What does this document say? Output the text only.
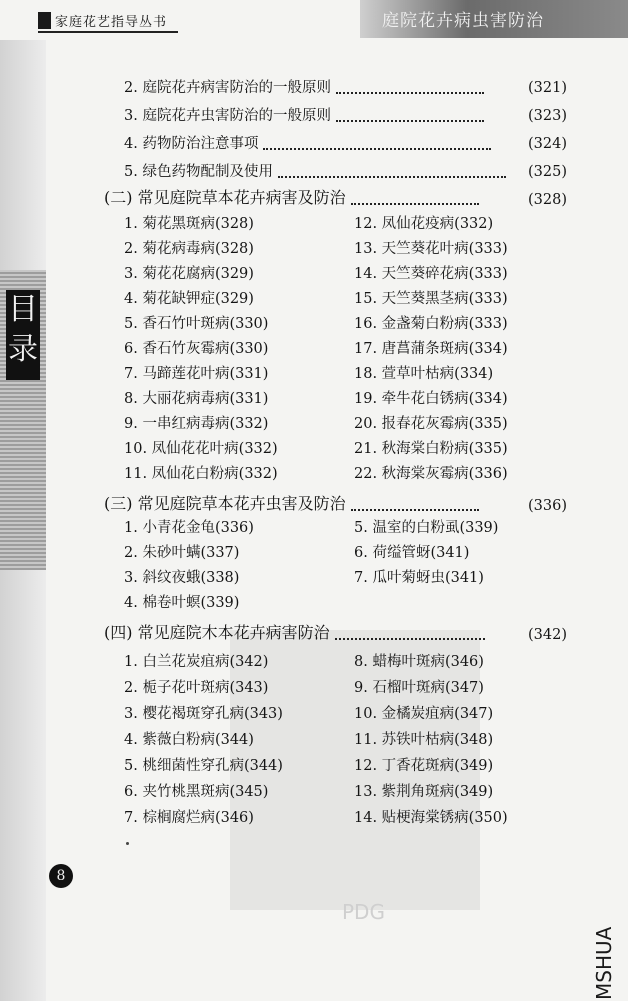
家庭花艺指导丛书	庭院花卉病虫害防治
目录
PDG
2. 庭院花卉病害防治的一般原则	(321)
3. 庭院花卉虫害防治的一般原则	(323)
4. 药物防治注意事项	(324)
5. 绿色药物配制及使用	(325)
(二) 常见庭院草本花卉病害及防治	(328)
1. 菊花黑斑病(328)
2. 菊花病毒病(328)
3. 菊花花腐病(329)
4. 菊花缺钾症(329)
5. 香石竹叶斑病(330)
6. 香石竹灰霉病(330)
7. 马蹄莲花叶病(331)
8. 大丽花病毒病(331)
9. 一串红病毒病(332)
10. 凤仙花花叶病(332)
11. 凤仙花白粉病(332)
12. 凤仙花疫病(332)
13. 天竺葵花叶病(333)
14. 天竺葵碎花病(333)
15. 天竺葵黑茎病(333)
16. 金盏菊白粉病(333)
17. 唐菖蒲条斑病(334)
18. 萱草叶枯病(334)
19. 牵牛花白锈病(334)
20. 报春花灰霉病(335)
21. 秋海棠白粉病(335)
22. 秋海棠灰霉病(336)
(三) 常见庭院草本花卉虫害及防治	(336)
1. 小青花金龟(336)
2. 朱砂叶螨(337)
3. 斜纹夜蛾(338)
4. 棉卷叶螟(339)
5. 温室的白粉虱(339)
6. 荷缢管蚜(341)
7. 瓜叶菊蚜虫(341)
(四) 常见庭院木本花卉病害防治	(342)
1. 白兰花炭疽病(342)
2. 栀子花叶斑病(343)
3. 樱花褐斑穿孔病(343)
4. 紫薇白粉病(344)
5. 桃细菌性穿孔病(344)
6. 夹竹桃黑斑病(345)
7. 棕榈腐烂病(346)
8. 蜡梅叶斑病(346)
9. 石榴叶斑病(347)
10. 金橘炭疽病(347)
11. 苏铁叶枯病(348)
12. 丁香花斑病(349)
13. 紫荆角斑病(349)
14. 贴梗海棠锈病(350)
8
MSHUA
